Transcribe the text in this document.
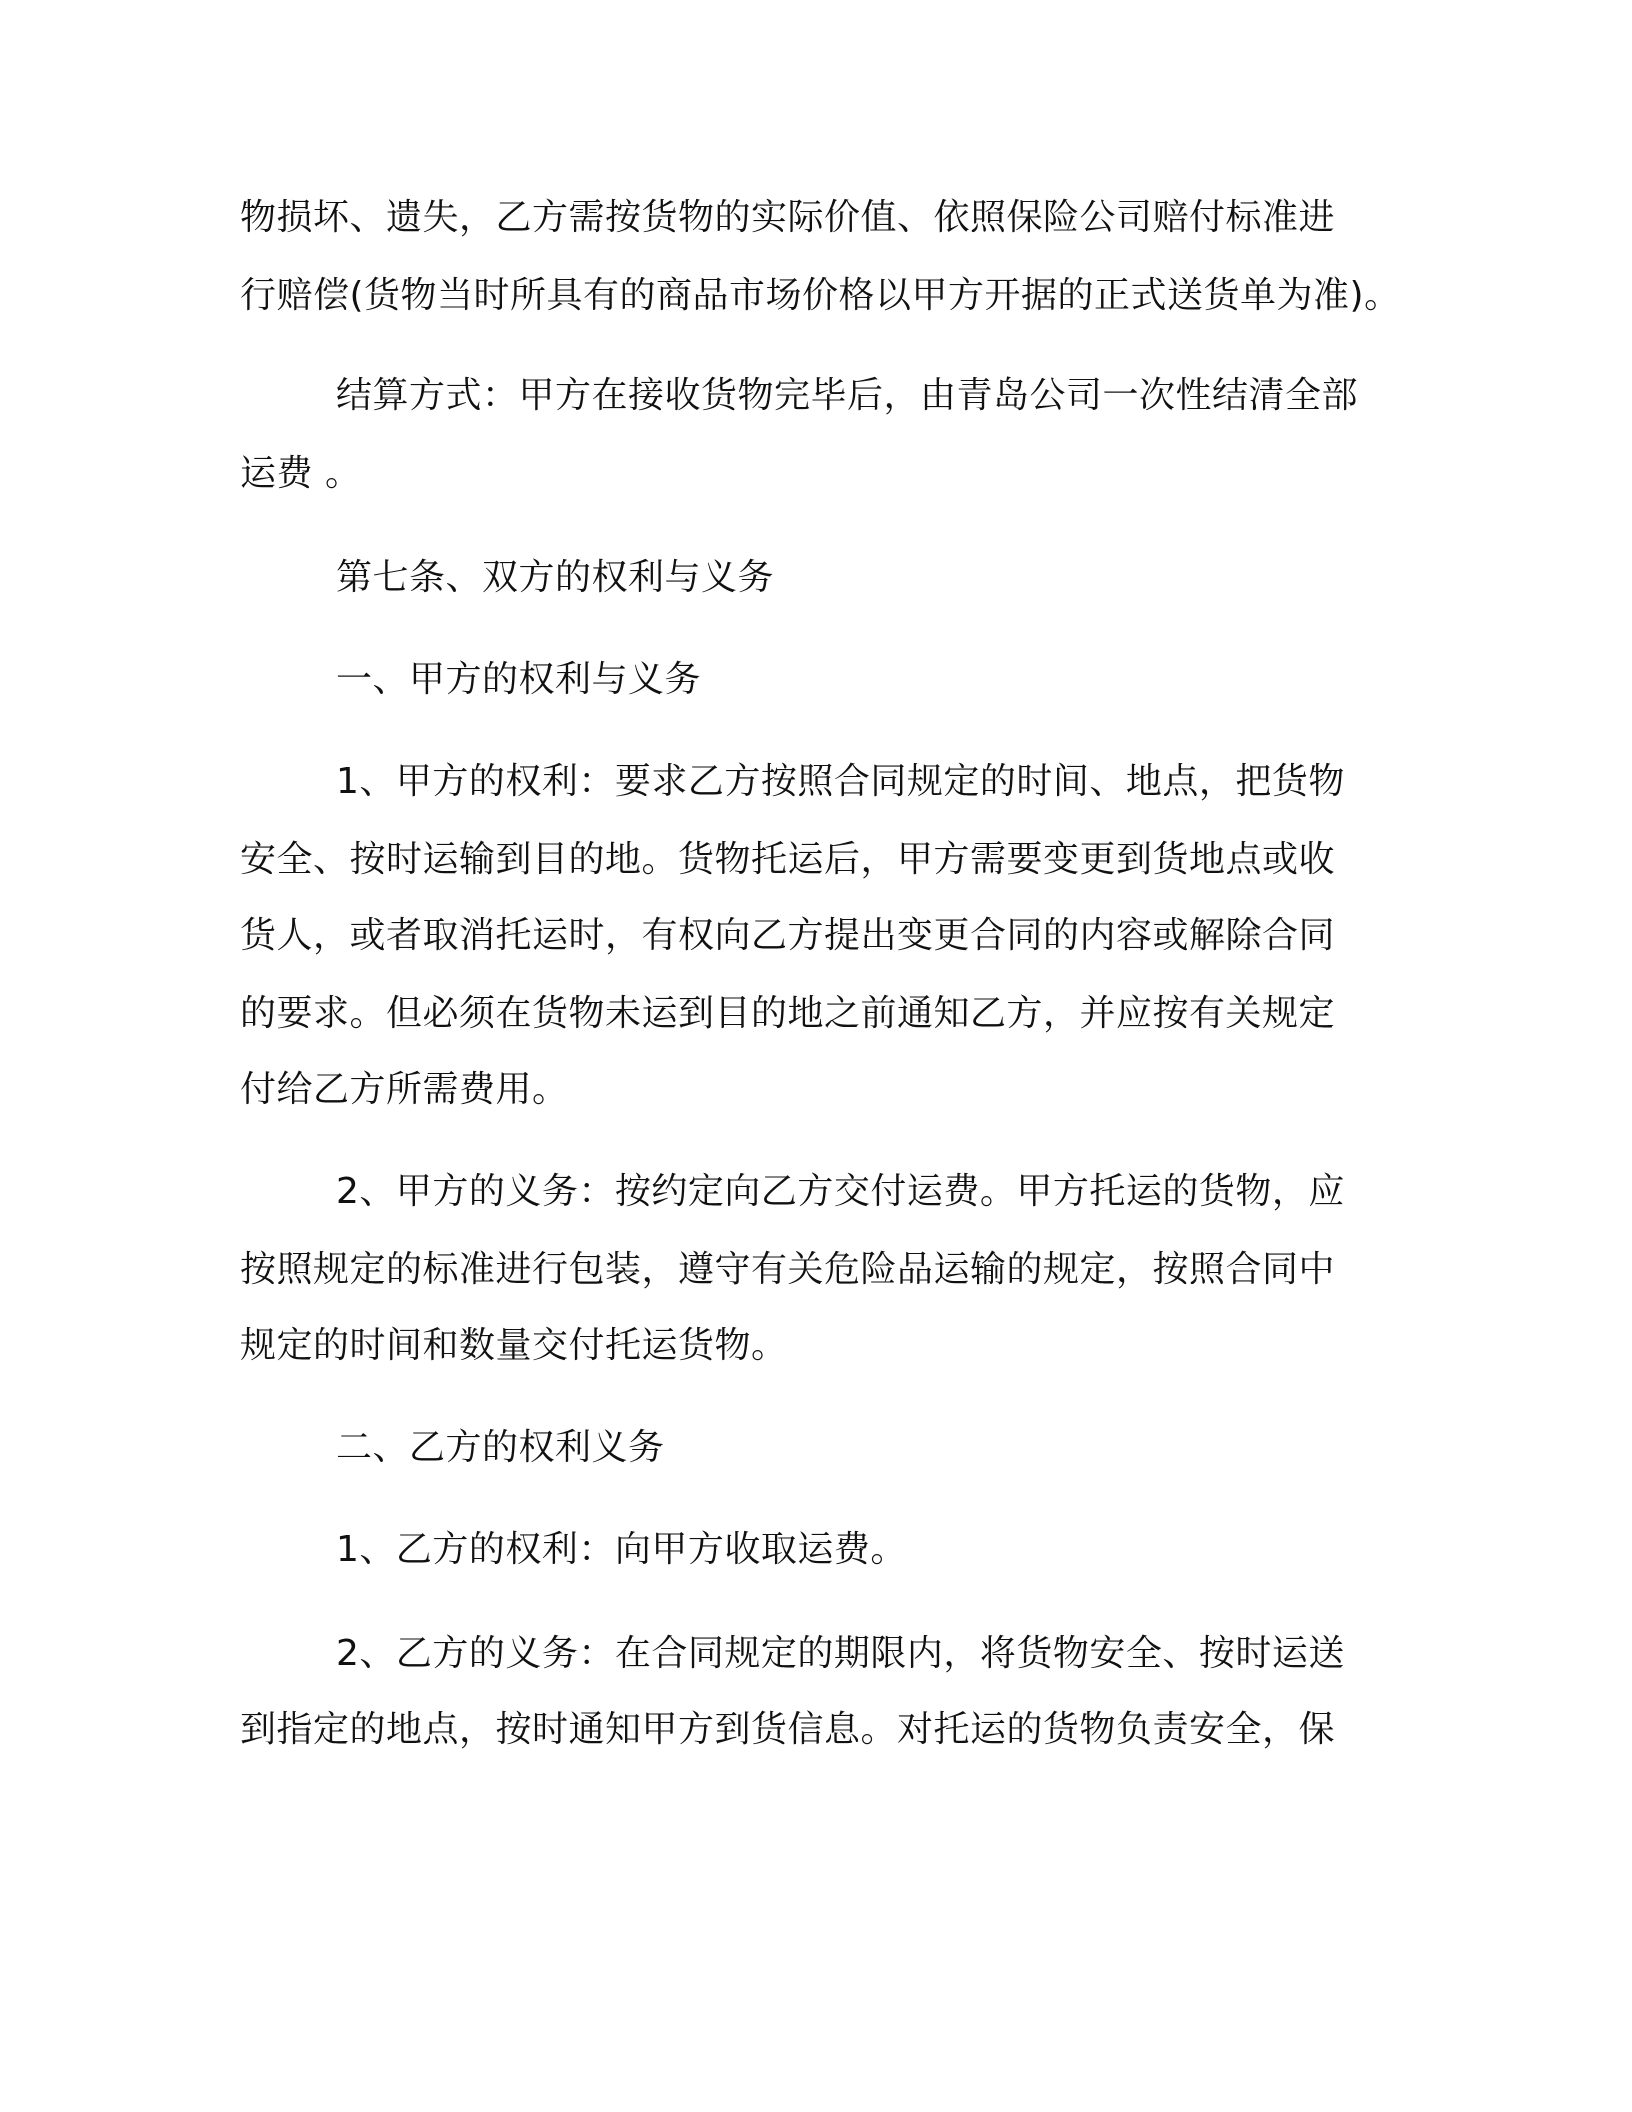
物损坏、遗失，乙方需按货物的实际价值、依照保险公司赔付标准进
行赔偿(货物当时所具有的商品市场价格以甲方开据的正式送货单为准)。
结算方式：甲方在接收货物完毕后，由青岛公司一次性结清全部
运费 。
第七条、双方的权利与义务
一、甲方的权利与义务
1、甲方的权利：要求乙方按照合同规定的时间、地点，把货物
安全、按时运输到目的地。货物托运后，甲方需要变更到货地点或收
货人，或者取消托运时，有权向乙方提出变更合同的内容或解除合同
的要求。但必须在货物未运到目的地之前通知乙方，并应按有关规定
付给乙方所需费用。
2、甲方的义务：按约定向乙方交付运费。甲方托运的货物，应
按照规定的标准进行包装，遵守有关危险品运输的规定，按照合同中
规定的时间和数量交付托运货物。
二、乙方的权利义务
1、乙方的权利：向甲方收取运费。
2、乙方的义务：在合同规定的期限内，将货物安全、按时运送
到指定的地点，按时通知甲方到货信息。对托运的货物负责安全，保
